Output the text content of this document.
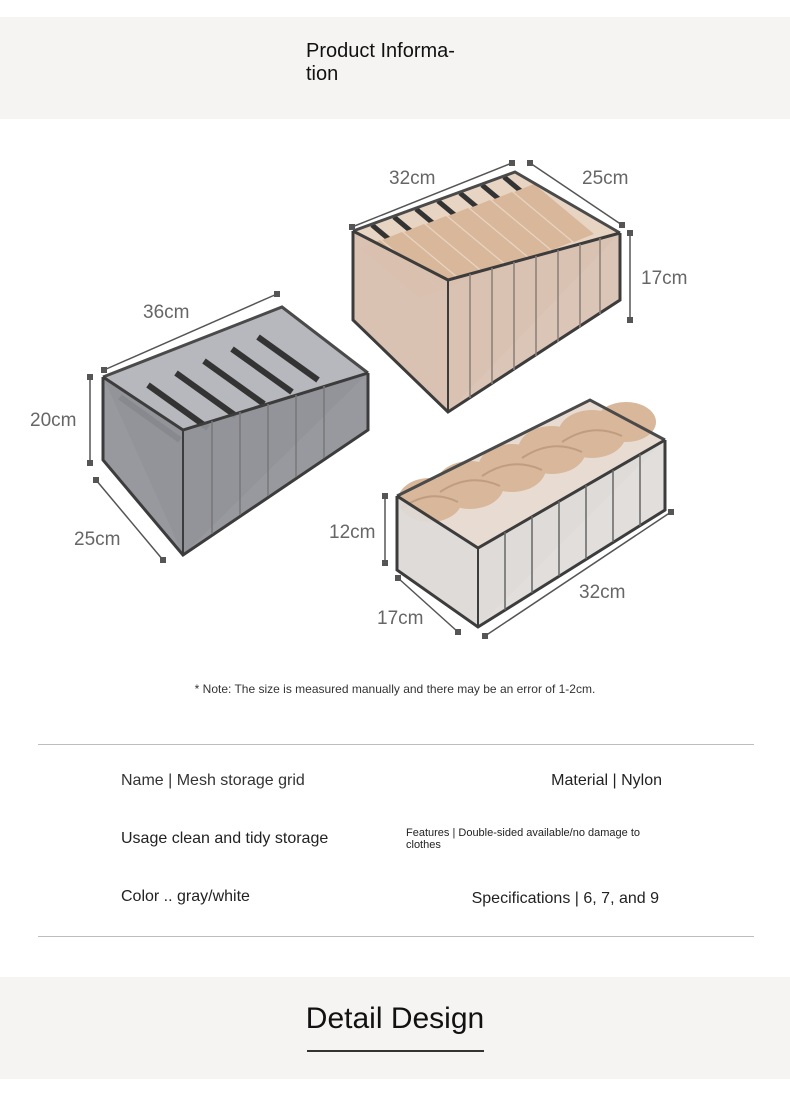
Product Informa-
tion
36cm
20cm
25cm
32cm	25cm
17cm
12cm
17cm
32cm
* Note: The size is measured manually and there may be an error of 1-2cm.
Name | Mesh storage grid	Material | Nylon
Usage clean and tidy storage	Features | Double-sided available/no damage to clothes
Color .. gray/white	Specifications | 6, 7, and 9
Detail Design
